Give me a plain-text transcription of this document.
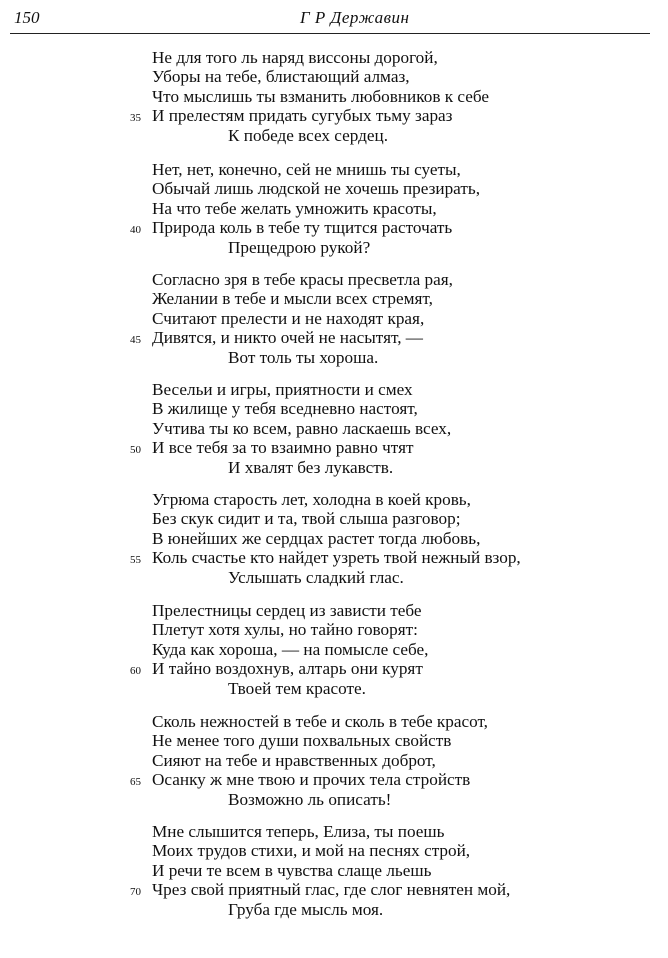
150	Г Р Державин
Не для того ль наряд виссоны дорогой,
Уборы на тебе, блистающий алмаз,
Что мыслишь ты взманить любовников к себе
И прелестям придать сугубых тьму зараз
К победе всех сердец.
35
Нет, нет, конечно, сей не мнишь ты суеты,
Обычай лишь людской не хочешь презирать,
На что тебе желать умножить красоты,
Природа коль в тебе ту тщится расточать
Прещедрою рукой?
40
Согласно зря в тебе красы пресветла рая,
Желании в тебе и мысли всех стремят,
Считают прелести и не находят края,
Дивятся, и никто очей не насытят, —
Вот толь ты хороша.
45
Весельи и игры, приятности и смех
В жилище у тебя вседневно настоят,
Учтива ты ко всем, равно ласкаешь всех,
И все тебя за то взаимно равно чтят
И хвалят без лукавств.
50
Угрюма старость лет, холодна в коей кровь,
Без скук сидит и та, твой слыша разговор;
В юнейших же сердцах растет тогда любовь,
Коль счастье кто найдет узреть твой нежный взор,
Услышать сладкий глас.
55
Прелестницы сердец из зависти тебе
Плетут хотя хулы, но тайно говорят:
Куда как хороша, — на помысле себе,
И тайно воздохнув, алтарь они курят
Твоей тем красоте.
60
Сколь нежностей в тебе и сколь в тебе красот,
Не менее того души похвальных свойств
Сияют на тебе и нравственных доброт,
Осанку ж мне твою и прочих тела стройств
Возможно ль описать!
65
Мне слышится теперь, Елиза, ты поешь
Моих трудов стихи, и мой на песнях строй,
И речи те всем в чувства слаще льешь
Чрез свой приятный глас, где слог невнятен мой,
Груба где мысль моя.
70
